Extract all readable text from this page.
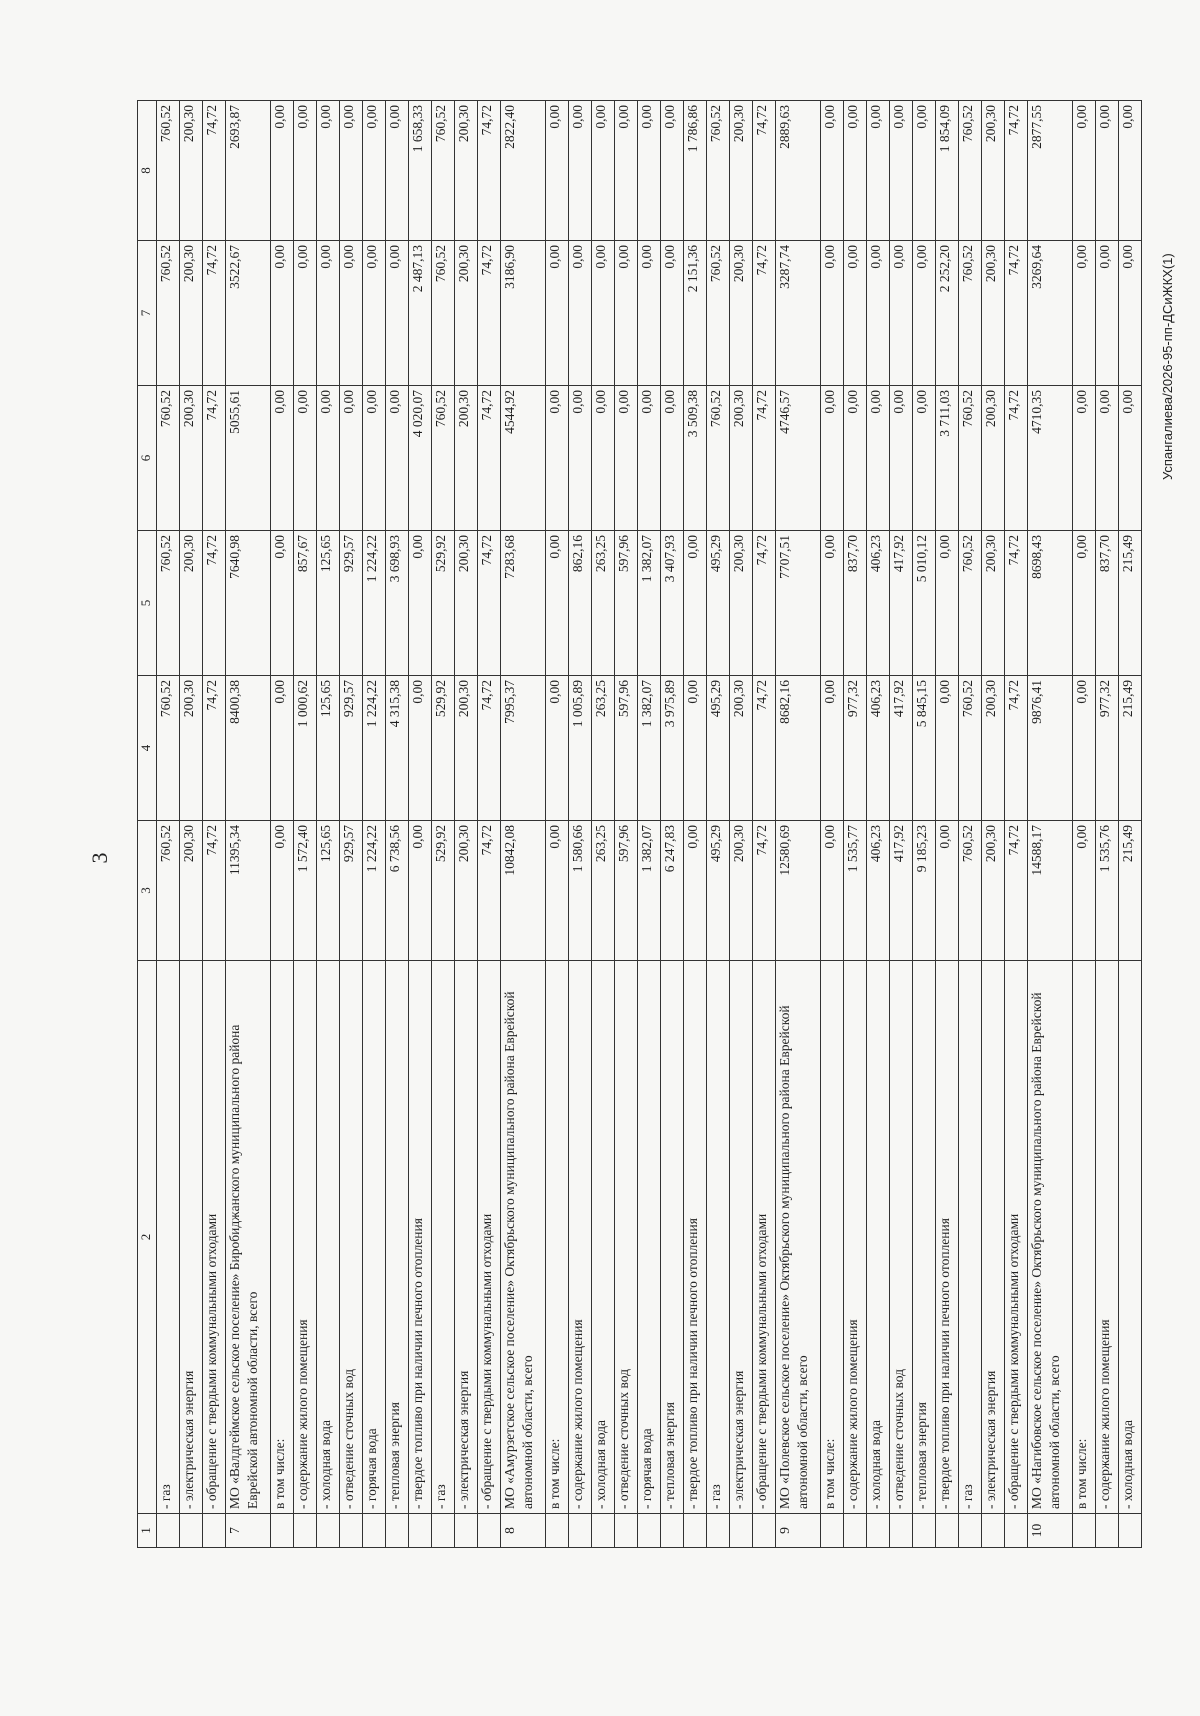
3
1	2	3	4	5	6	7	8
	- газ	760,52	760,52	760,52	760,52	760,52	760,52
	- электрическая энергия	200,30	200,30	200,30	200,30	200,30	200,30
	- обращение с твердыми коммунальными отходами	74,72	74,72	74,72	74,72	74,72	74,72
7	МО «Валдгеймское сельское поселение» Биробиджанского муниципального района Еврейской автономной области, всего	11395,34	8400,38	7640,98	5055,61	3522,67	2693,87
	в том числе:	0,00	0,00	0,00	0,00	0,00	0,00
	- содержание жилого помещения	1 572,40	1 000,62	857,67	0,00	0,00	0,00
	- холодная вода	125,65	125,65	125,65	0,00	0,00	0,00
	- отведение сточных вод	929,57	929,57	929,57	0,00	0,00	0,00
	- горячая вода	1 224,22	1 224,22	1 224,22	0,00	0,00	0,00
	- тепловая энергия	6 738,56	4 315,38	3 698,93	0,00	0,00	0,00
	- твердое топливо при наличии печного отопления	0,00	0,00	0,00	4 020,07	2 487,13	1 658,33
	- газ	529,92	529,92	529,92	760,52	760,52	760,52
	- электрическая энергия	200,30	200,30	200,30	200,30	200,30	200,30
	- обращение с твердыми коммунальными отходами	74,72	74,72	74,72	74,72	74,72	74,72
8	МО «Амурзетское сельское поселение» Октябрьского муниципального района Еврейской автономной области, всего	10842,08	7995,37	7283,68	4544,92	3186,90	2822,40
	в том числе:	0,00	0,00	0,00	0,00	0,00	0,00
	- содержание жилого помещения	1 580,66	1 005,89	862,16	0,00	0,00	0,00
	- холодная вода	263,25	263,25	263,25	0,00	0,00	0,00
	- отведение сточных вод	597,96	597,96	597,96	0,00	0,00	0,00
	- горячая вода	1 382,07	1 382,07	1 382,07	0,00	0,00	0,00
	- тепловая энергия	6 247,83	3 975,89	3 407,93	0,00	0,00	0,00
	- твердое топливо при наличии печного отопления	0,00	0,00	0,00	3 509,38	2 151,36	1 786,86
	- газ	495,29	495,29	495,29	760,52	760,52	760,52
	- электрическая энергия	200,30	200,30	200,30	200,30	200,30	200,30
	- обращение с твердыми коммунальными отходами	74,72	74,72	74,72	74,72	74,72	74,72
9	МО «Полевское сельское поселение» Октябрьского муниципального района Еврейской автономной области, всего	12580,69	8682,16	7707,51	4746,57	3287,74	2889,63
	в том числе:	0,00	0,00	0,00	0,00	0,00	0,00
	- содержание жилого помещения	1 535,77	977,32	837,70	0,00	0,00	0,00
	- холодная вода	406,23	406,23	406,23	0,00	0,00	0,00
	- отведение сточных вод	417,92	417,92	417,92	0,00	0,00	0,00
	- тепловая энергия	9 185,23	5 845,15	5 010,12	0,00	0,00	0,00
	- твердое топливо при наличии печного отопления	0,00	0,00	0,00	3 711,03	2 252,20	1 854,09
	- газ	760,52	760,52	760,52	760,52	760,52	760,52
	- электрическая энергия	200,30	200,30	200,30	200,30	200,30	200,30
	- обращение с твердыми коммунальными отходами	74,72	74,72	74,72	74,72	74,72	74,72
10	МО «Нагибовское сельское поселение» Октябрьского муниципального района Еврейской автономной области, всего	14588,17	9876,41	8698,43	4710,35	3269,64	2877,55
	в том числе:	0,00	0,00	0,00	0,00	0,00	0,00
	- содержание жилого помещения	1 535,76	977,32	837,70	0,00	0,00	0,00
	- холодная вода	215,49	215,49	215,49	0,00	0,00	0,00
Успангалиева/2026-95-пп-ДСиЖКХ(1)
